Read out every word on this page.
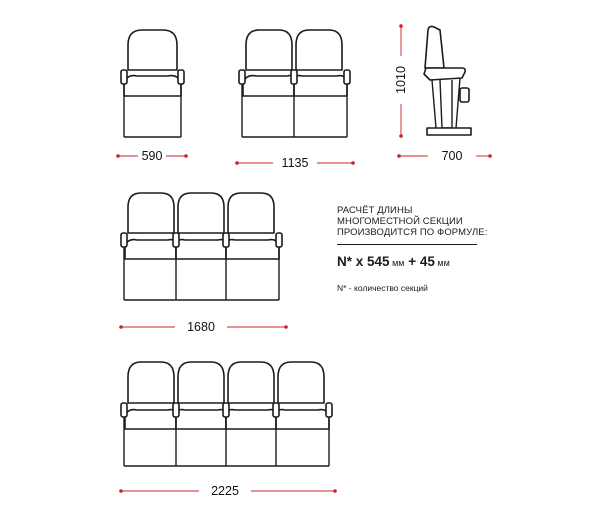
590	1135
1010
700
1680
2225
РАСЧЁТ ДЛИНЫ
МНОГОМЕСТНОЙ СЕКЦИИ
ПРОИЗВОДИТСЯ ПО ФОРМУЛЕ:
N* x 545 мм + 45 мм
N* - количество секций
